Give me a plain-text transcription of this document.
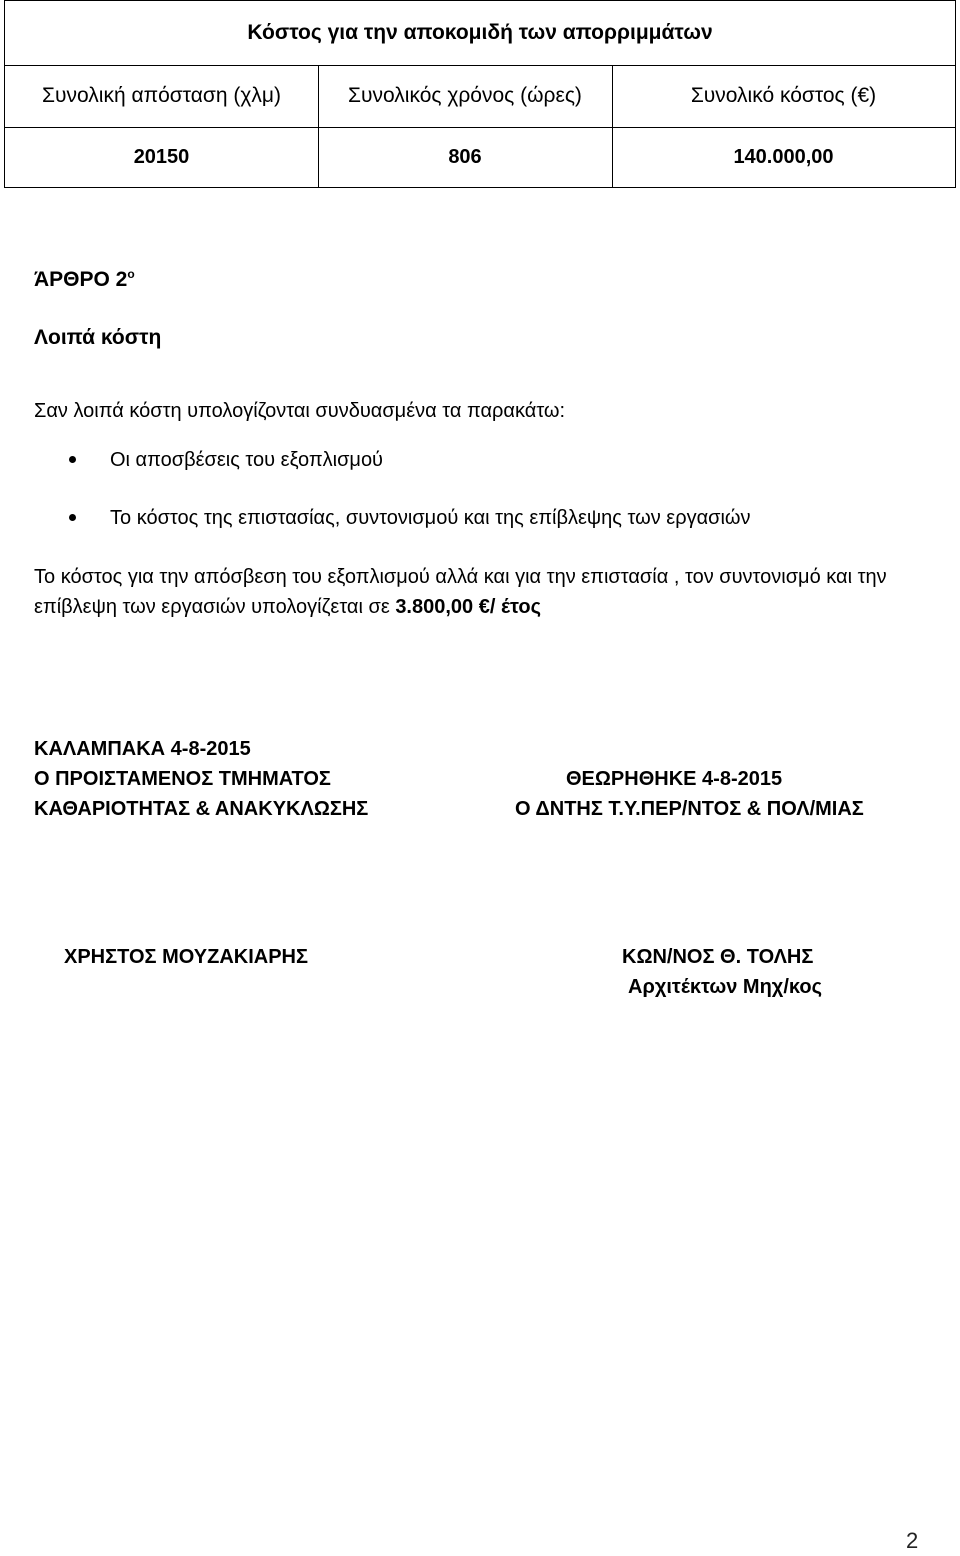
Κόστος για την αποκομιδή των απορριμμάτων
Συνολική απόσταση (χλμ)	Συνολικός χρόνος (ώρες)	Συνολικό κόστος (€)
20150	806	140.000,00
ΆΡΘΡΟ $2^o$
Λοιπά κόστη
Σαν λοιπά κόστη υπολογίζονται συνδυασμένα τα παρακάτω:
Οι αποσβέσεις του εξοπλισμού
Το κόστος της επιστασίας, συντονισμού και της επίβλεψης των εργασιών
Το κόστος για την απόσβεση του εξοπλισμού αλλά και για την επιστασία , τον συντονισμό και την επίβλεψη των εργασιών υπολογίζεται σε 3.800,00 €/ έτος
ΚΑΛΑΜΠΑΚΑ 4-8-2015
Ο ΠΡΟΙΣΤΑΜΕΝΟΣ ΤΜΗΜΑΤΟΣ
ΚΑΘΑΡΙΟΤΗΤΑΣ & ΑΝΑΚΥΚΛΩΣΗΣ
ΘΕΩΡΗΘΗΚΕ 4-8-2015
Ο ΔΝΤΗΣ Τ.Υ.ΠΕΡ/ΝΤΟΣ & ΠΟΛ/ΜΙΑΣ
ΧΡΗΣΤΟΣ ΜΟΥΖΑΚΙΑΡΗΣ	ΚΩΝ/ΝΟΣ Θ. ΤΟΛΗΣ
Αρχιτέκτων Μηχ/κος
2
